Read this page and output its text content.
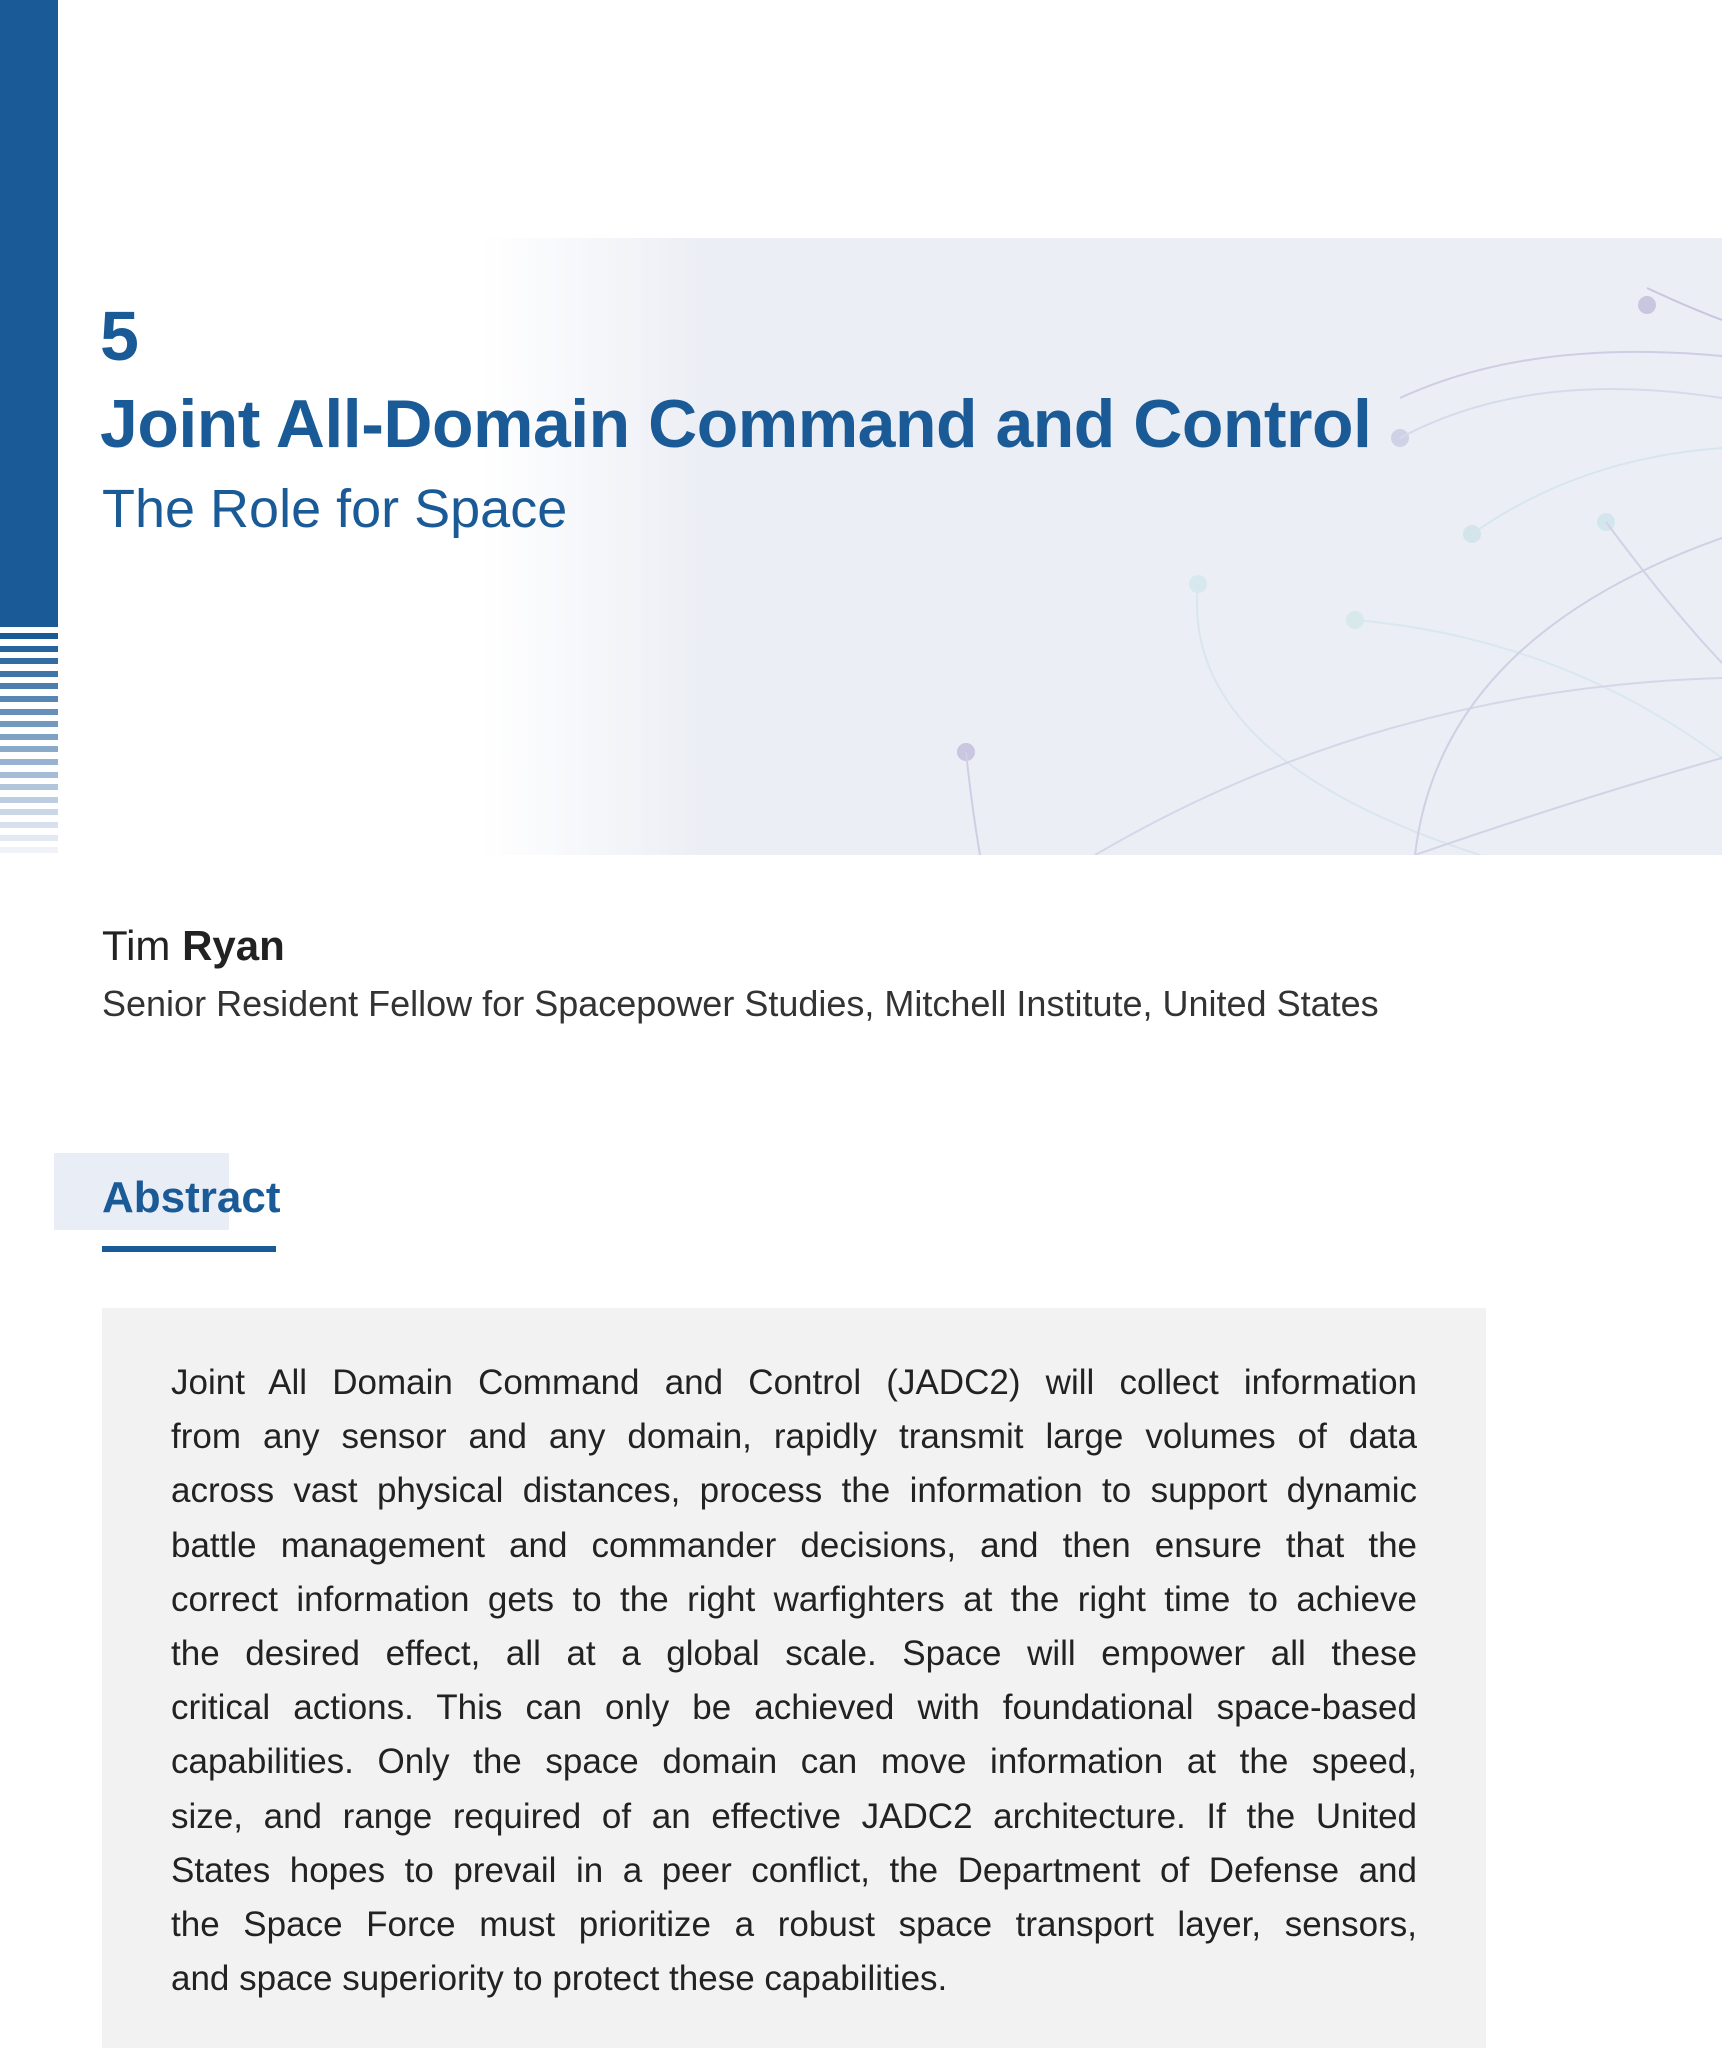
5
Joint All-Domain Command and Control
The Role for Space
Tim Ryan
Senior Resident Fellow for Spacepower Studies, Mitchell Institute, United States
Abstract
Joint All Domain Command and Control (JADC2) will collect information
from any sensor and any domain, rapidly transmit large volumes of data
across vast physical distances, process the information to support dynamic
battle management and commander decisions, and then ensure that the
correct information gets to the right warfighters at the right time to achieve
the desired effect, all at a global scale. Space will empower all these
critical actions. This can only be achieved with foundational space-based
capabilities. Only the space domain can move information at the speed,
size, and range required of an effective JADC2 architecture. If the United
States hopes to prevail in a peer conflict, the Department of Defense and
the Space Force must prioritize a robust space transport layer, sensors,
and space superiority to protect these capabilities.
